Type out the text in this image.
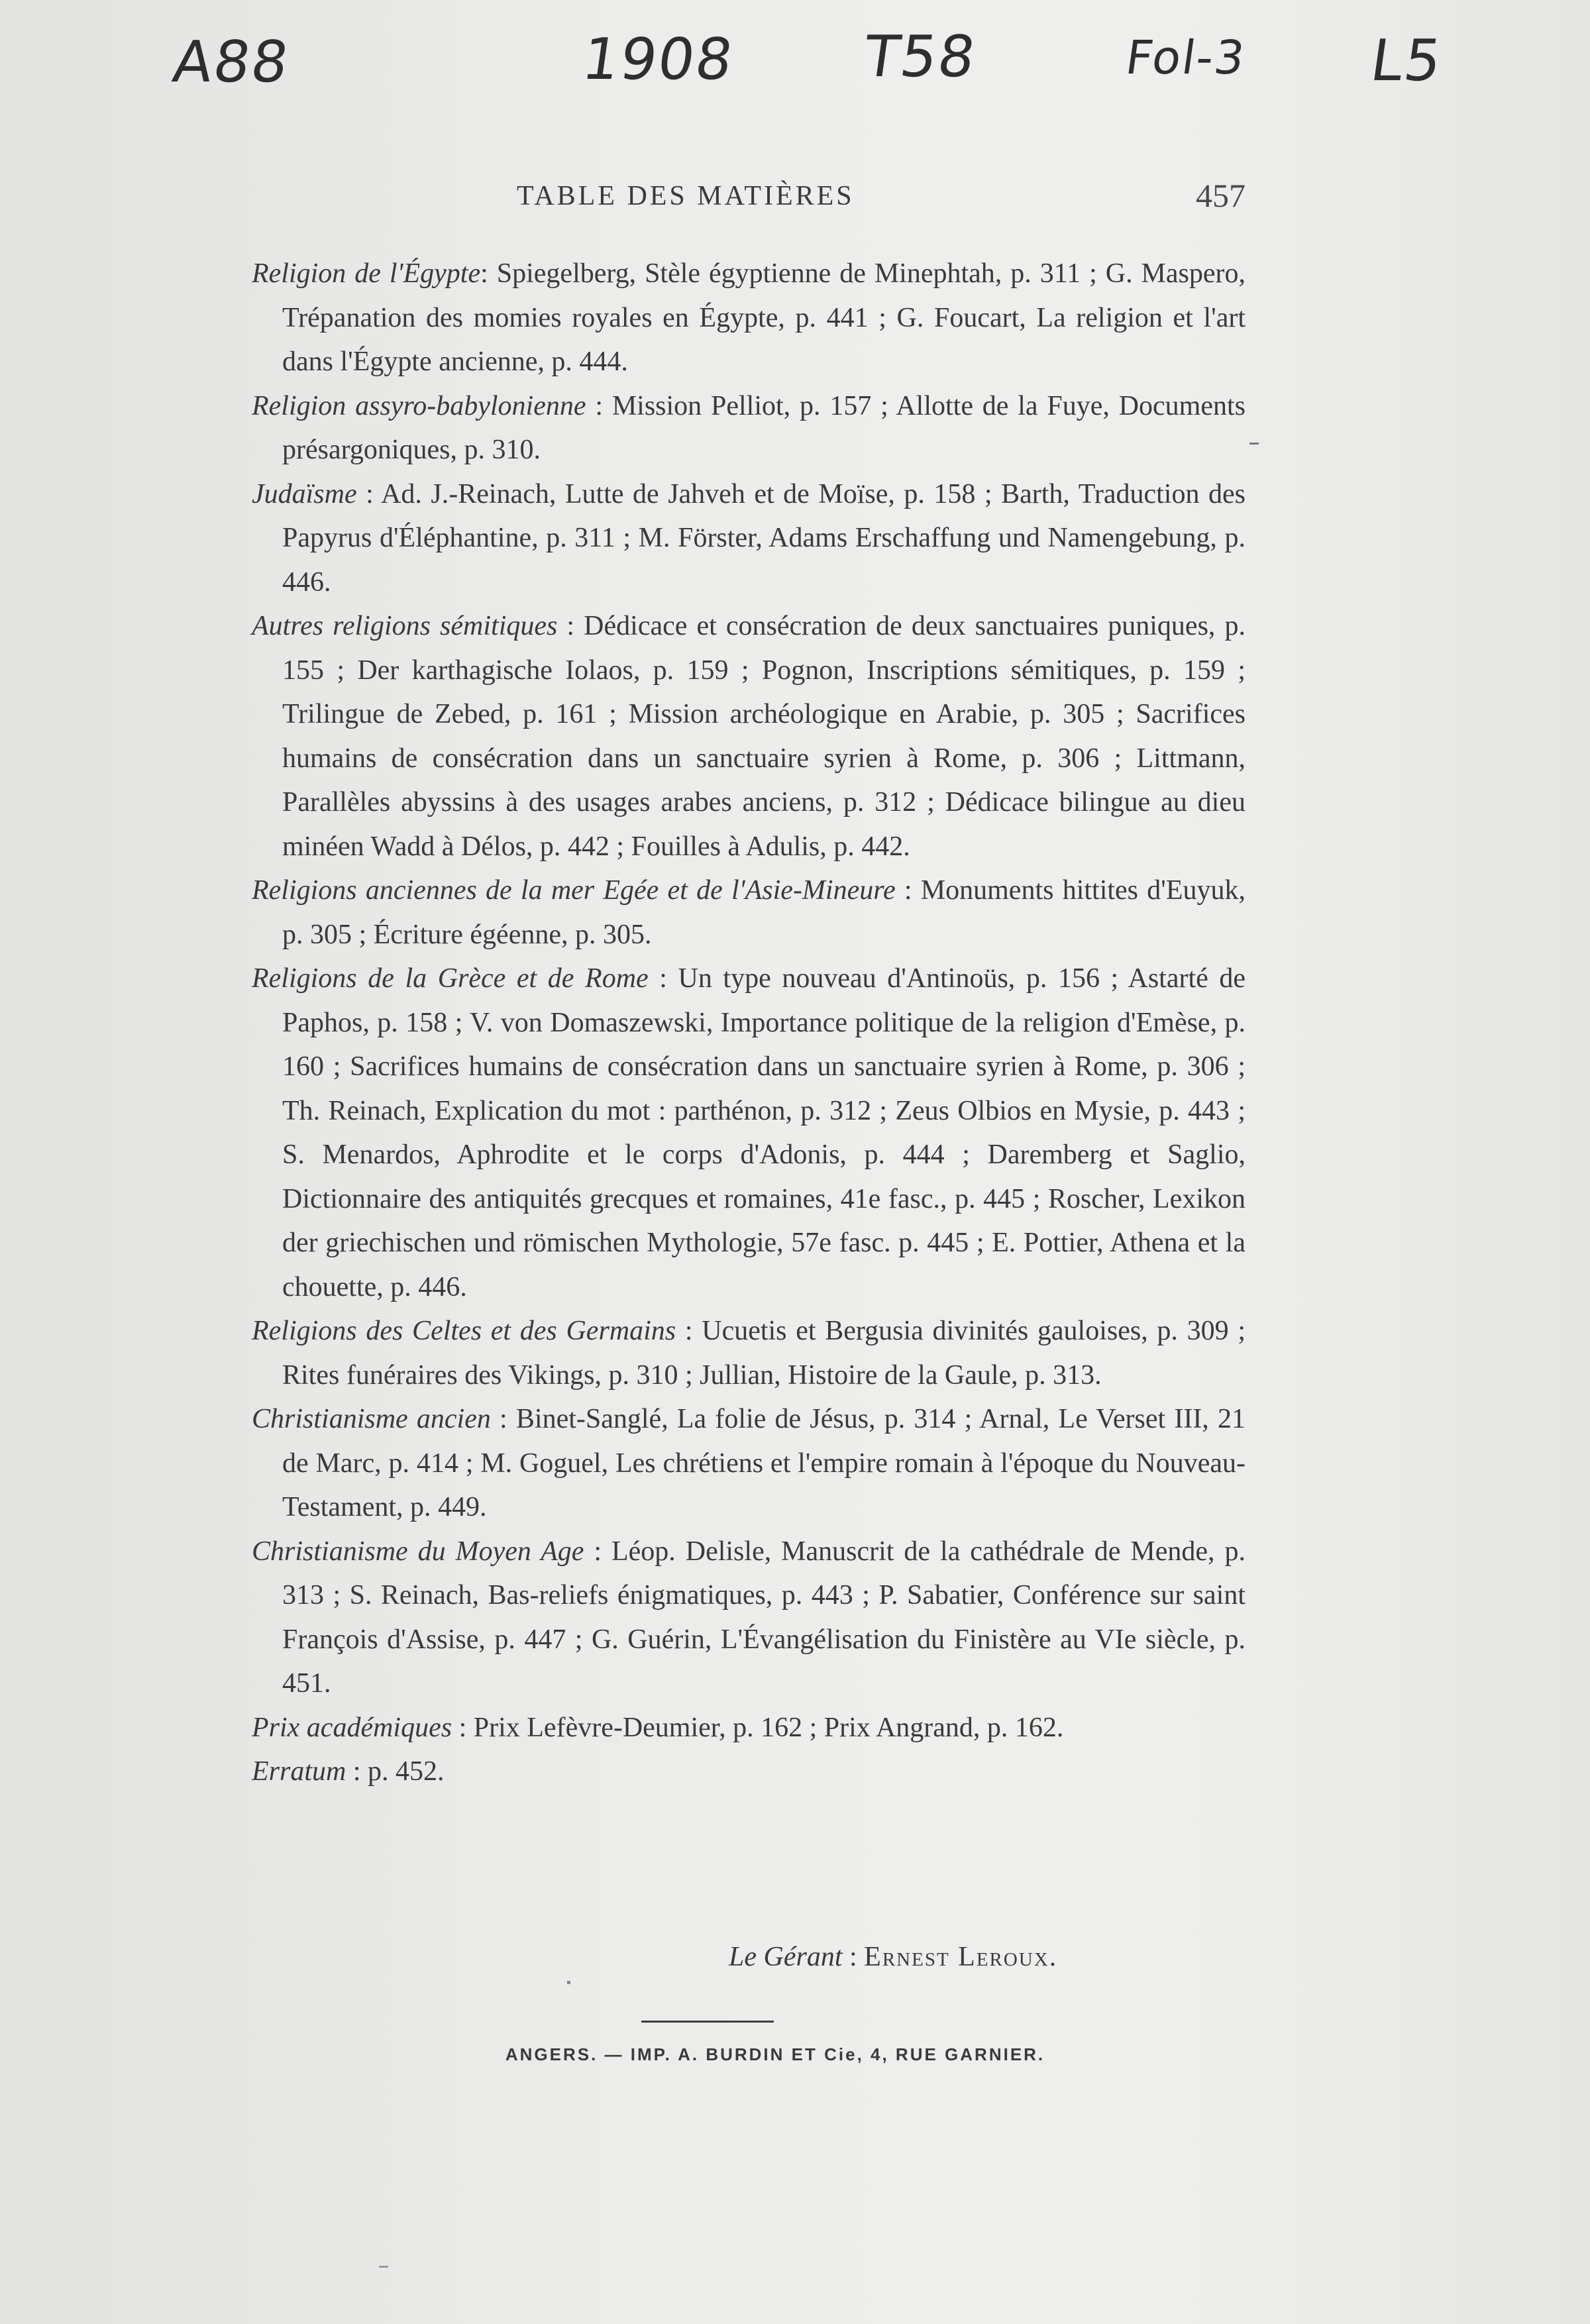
A88	1908 T58	Fol-3 L5
TABLE DES MATIÈRES	457

Religion de l'Égypte: Spiegelberg, Stèle égyptienne de Minephtah, p. 311 ; G. Maspero, Trépanation des momies royales en Égypte, p. 441 ; G. Foucart, La religion et l'art dans l'Égypte ancienne, p. 444.

Religion assyro-babylonienne : Mission Pelliot, p. 157 ; Allotte de la Fuye, Documents présargoniques, p. 310.

Judaïsme : Ad. J.-Reinach, Lutte de Jahveh et de Moïse, p. 158 ; Barth, Traduction des Papyrus d'Éléphantine, p. 311 ; M. Förster, Adams Erschaffung und Namengebung, p. 446.

Autres religions sémitiques : Dédicace et consécration de deux sanctuaires puniques, p. 155 ; Der karthagische Iolaos, p. 159 ; Pognon, Inscriptions sémitiques, p. 159 ; Trilingue de Zebed, p. 161 ; Mission archéologique en Arabie, p. 305 ; Sacrifices humains de consécration dans un sanctuaire syrien à Rome, p. 306 ; Littmann, Parallèles abyssins à des usages arabes anciens, p. 312 ; Dédicace bilingue au dieu minéen Wadd à Délos, p. 442 ; Fouilles à Adulis, p. 442.

Religions anciennes de la mer Egée et de l'Asie-Mineure : Monuments hittites d'Euyuk, p. 305 ; Écriture égéenne, p. 305.

Religions de la Grèce et de Rome : Un type nouveau d'Antinoüs, p. 156 ; Astarté de Paphos, p. 158 ; V. von Domaszewski, Importance politique de la religion d'Emèse, p. 160 ; Sacrifices humains de consécration dans un sanctuaire syrien à Rome, p. 306 ; Th. Reinach, Explication du mot : parthénon, p. 312 ; Zeus Olbios en Mysie, p. 443 ; S. Menardos, Aphrodite et le corps d'Adonis, p. 444 ; Daremberg et Saglio, Dictionnaire des antiquités grecques et romaines, 41e fasc., p. 445 ; Roscher, Lexikon der griechischen und römischen Mythologie, 57e fasc. p. 445 ; E. Pottier, Athena et la chouette, p. 446.

Religions des Celtes et des Germains : Ucuetis et Bergusia divinités gauloises, p. 309 ; Rites funéraires des Vikings, p. 310 ; Jullian, Histoire de la Gaule, p. 313.

Christianisme ancien : Binet-Sanglé, La folie de Jésus, p. 314 ; Arnal, Le Verset III, 21 de Marc, p. 414 ; M. Goguel, Les chrétiens et l'empire romain à l'époque du Nouveau-Testament, p. 449.

Christianisme du Moyen Age : Léop. Delisle, Manuscrit de la cathédrale de Mende, p. 313 ; S. Reinach, Bas-reliefs énigmatiques, p. 443 ; P. Sabatier, Conférence sur saint François d'Assise, p. 447 ; G. Guérin, L'Évangélisation du Finistère au VIe siècle, p. 451.

Prix académiques : Prix Lefèvre-Deumier, p. 162 ; Prix Angrand, p. 162.

Erratum : p. 452.

Le Gérant : Ernest Leroux.
ANGERS. — IMP. A. BURDIN ET Cie, 4, RUE GARNIER.
